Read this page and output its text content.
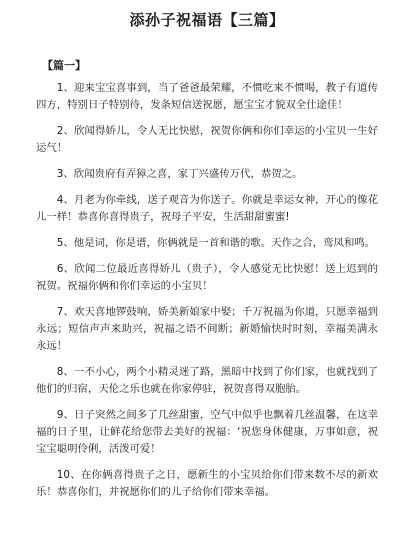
添孙子祝福语【三篇】
【篇一】

1、迎来宝宝喜事到，当了爸爸最荣耀，不惯吃来不惯喝，教子有道传四方，特别日子特别待，发条短信送祝愿，愿宝宝才貌双全仕途佳！

2、欣闻得娇儿，令人无比快慰，祝贺你俩和你们幸运的小宝贝一生好运气！

3、欣闻贵府有弄獐之喜，家丁兴盛传万代，恭贺之。

4、月老为你牵线，送子观音为你送子。你就是幸运女神，开心的像花儿一样！恭喜你喜得贵子，祝母子平安，生活甜甜蜜蜜!

5、他是词，你是谱，你俩就是一首和谐的歌。天作之合，鸾凤和鸣。

6、欣闻二位最近喜得娇儿（贵子），令人感觉无比快慰！送上迟到的祝贺。祝福你俩和你们幸运的小宝贝！

7、欢天喜地锣鼓响，娇美新娘家中娶；千万祝福为你道，只愿幸福到永远；短信声声来助兴，祝福之语不间断；新婚愉快时时刻，幸福美满永永远！

8、一不小心，两个小精灵迷了路，黑暗中找到了你们家，也就找到了他们的归宿，天伦之乐也就在你家停驻，祝贺喜得双胞胎。

9、日子突然之间多了几丝甜蜜，空气中似乎也飘着几丝温馨，在这幸福的日子里，让鲜花给您带去美好的祝福：‘祝您身体健康，万事如意，祝宝宝聪明伶俐，活泼可爱！

10、在你俩喜得贵子之日，愿新生的小宝贝给你们带来数不尽的新欢乐！恭喜你们，并祝愿你们的儿子给你们带来幸福。
